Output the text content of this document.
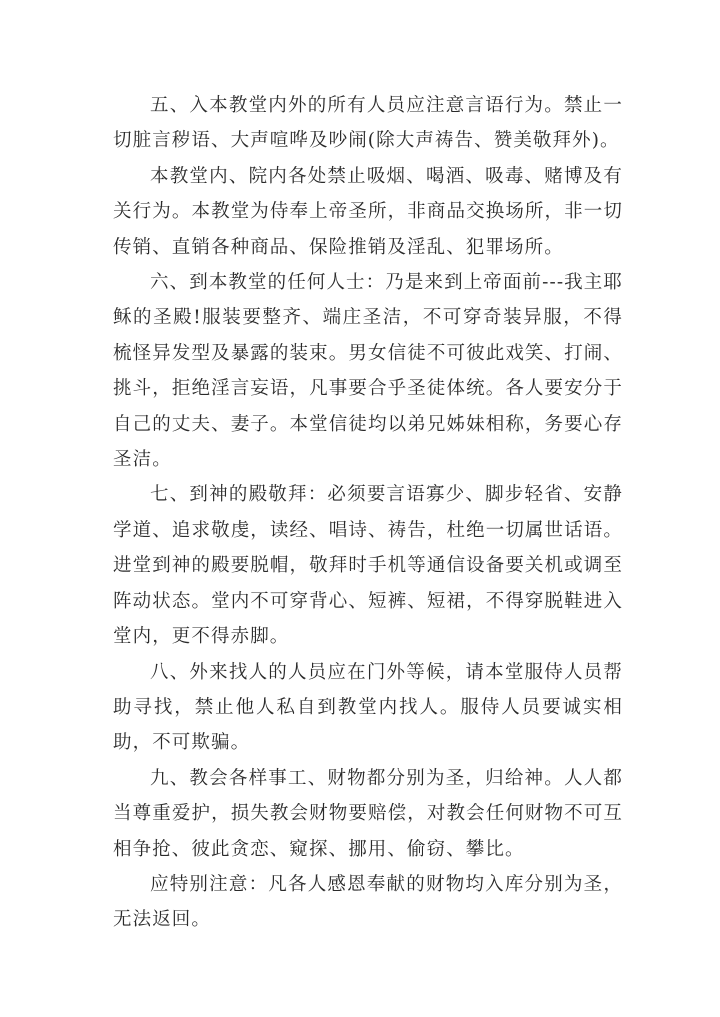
五、入本教堂内外的所有人员应注意言语行为。禁止一切脏言秽语、大声喧哗及吵闹(除大声祷告、赞美敬拜外)。

本教堂内、院内各处禁止吸烟、喝酒、吸毒、赌博及有关行为。本教堂为侍奉上帝圣所，非商品交换场所，非一切传销、直销各种商品、保险推销及淫乱、犯罪场所。

六、到本教堂的任何人士：乃是来到上帝面前---我主耶稣的圣殿!服装要整齐、端庄圣洁，不可穿奇装异服，不得梳怪异发型及暴露的装束。男女信徒不可彼此戏笑、打闹、挑斗，拒绝淫言妄语，凡事要合乎圣徒体统。各人要安分于自己的丈夫、妻子。本堂信徒均以弟兄姊妹相称，务要心存圣洁。

七、到神的殿敬拜：必须要言语寡少、脚步轻省、安静学道、追求敬虔，读经、唱诗、祷告，杜绝一切属世话语。进堂到神的殿要脱帽，敬拜时手机等通信设备要关机或调至阵动状态。堂内不可穿背心、短裤、短裙，不得穿脱鞋进入堂内，更不得赤脚。

八、外来找人的人员应在门外等候，请本堂服侍人员帮助寻找，禁止他人私自到教堂内找人。服侍人员要诚实相助，不可欺骗。

九、教会各样事工、财物都分别为圣，归给神。人人都当尊重爱护，损失教会财物要赔偿，对教会任何财物不可互相争抢、彼此贪恋、窥探、挪用、偷窃、攀比。

应特别注意：凡各人感恩奉献的财物均入库分别为圣，无法返回。
